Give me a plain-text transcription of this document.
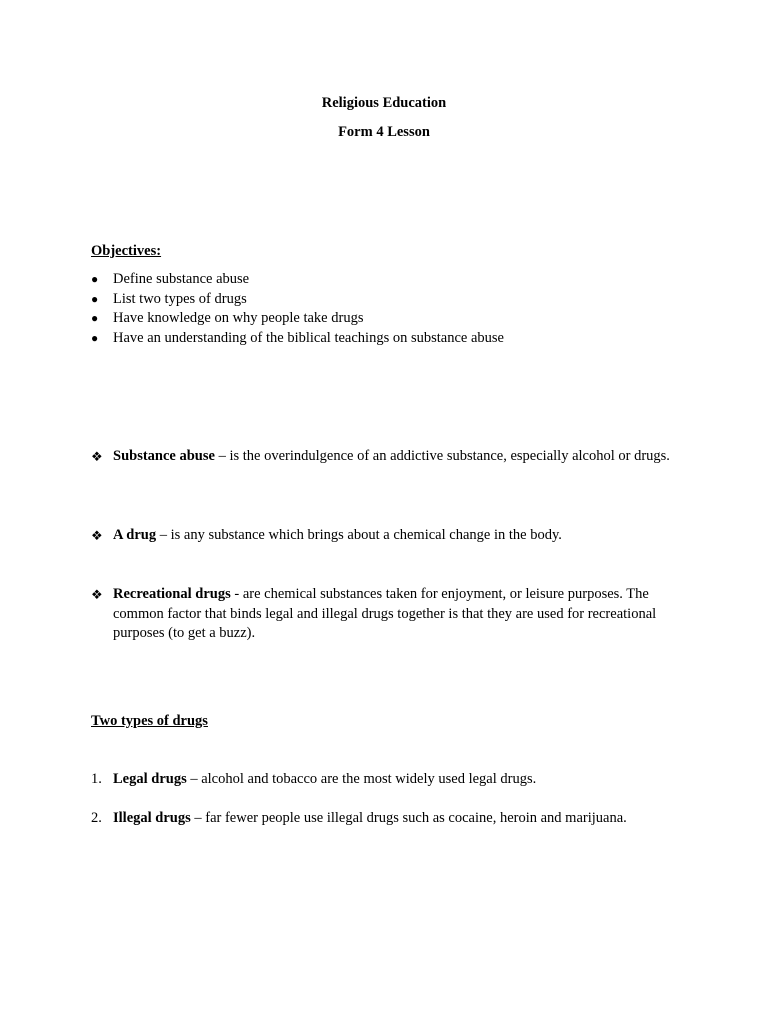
Religious Education
Form 4 Lesson
Objectives:
● Define substance abuse
● List two types of drugs
● Have knowledge on why people take drugs
● Have an understanding of the biblical teachings on substance abuse
❖ Substance abuse – is the overindulgence of an addictive substance, especially alcohol or drugs.
❖ A drug – is any substance which brings about a chemical change in the body.
❖ Recreational drugs - are chemical substances taken for enjoyment, or leisure purposes. The common factor that binds legal and illegal drugs together is that they are used for recreational purposes (to get a buzz).
Two types of drugs
1. Legal drugs – alcohol and tobacco are the most widely used legal drugs.
2. Illegal drugs – far fewer people use illegal drugs such as cocaine, heroin and marijuana.
